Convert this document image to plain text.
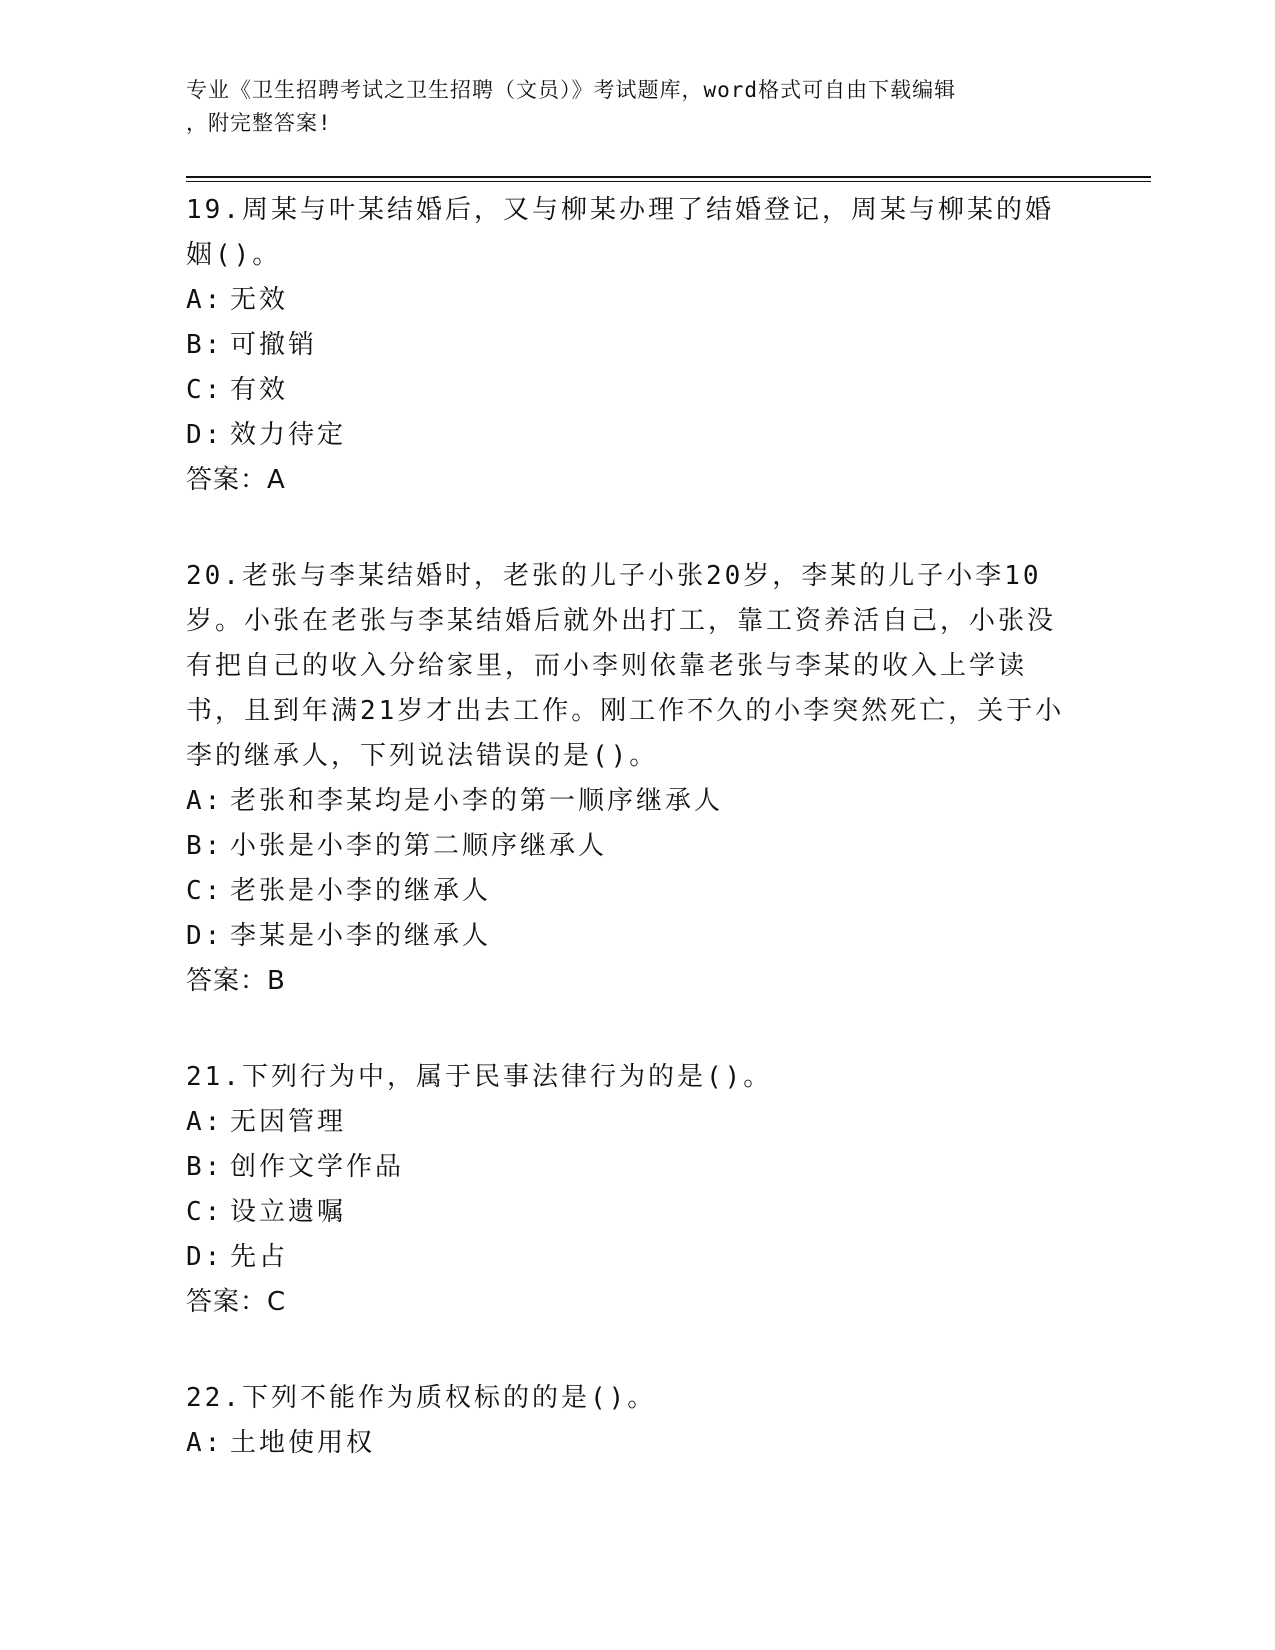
专业《卫生招聘考试之卫生招聘（文员）》考试题库，word格式可自由下载编辑
，附完整答案!
19.周某与叶某结婚后，又与柳某办理了结婚登记，周某与柳某的婚姻()。
A: 无效
B: 可撤销
C: 有效
D: 效力待定
答案：A
20.老张与李某结婚时，老张的儿子小张20岁，李某的儿子小李10岁。小张在老张与李某结婚后就外出打工，靠工资养活自己，小张没有把自己的收入分给家里，而小李则依靠老张与李某的收入上学读书，且到年满21岁才出去工作。刚工作不久的小李突然死亡，关于小李的继承人，下列说法错误的是()。
A: 老张和李某均是小李的第一顺序继承人
B: 小张是小李的第二顺序继承人
C: 老张是小李的继承人
D: 李某是小李的继承人
答案：B
21.下列行为中，属于民事法律行为的是()。
A: 无因管理
B: 创作文学作品
C: 设立遗嘱
D: 先占
答案：C
22.下列不能作为质权标的的是()。
A: 土地使用权
